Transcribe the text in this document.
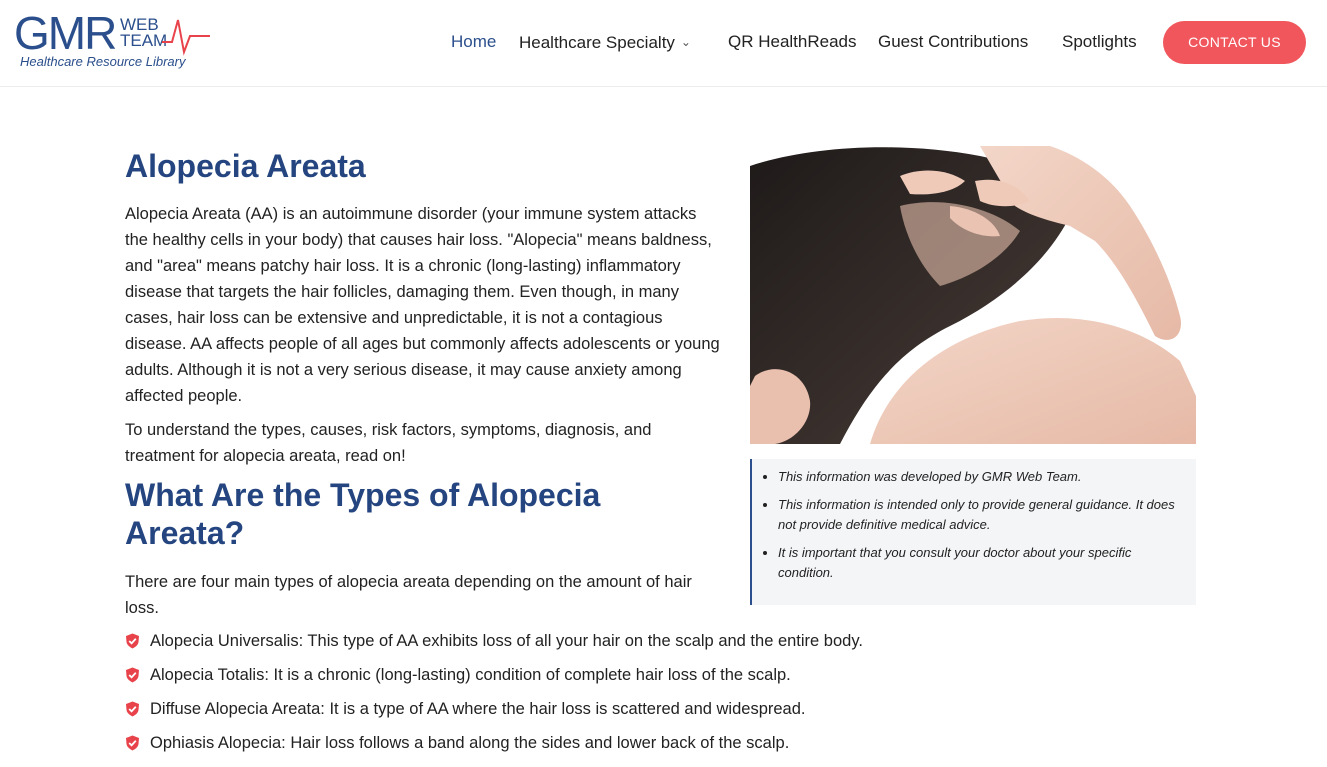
GMR WEB
TEAM
Healthcare Resource Library
Home Healthcare Specialty ⌄ QR HealthReads Guest Contributions Spotlights	CONTACT US
Alopecia Areata

Alopecia Areata (AA) is an autoimmune disorder (your immune system attacks the healthy cells in your body) that causes hair loss. "Alopecia" means baldness, and "area" means patchy hair loss. It is a chronic (long-lasting) inflammatory disease that targets the hair follicles, damaging them. Even though, in many cases, hair loss can be extensive and unpredictable, it is not a contagious disease. AA affects people of all ages but commonly affects adolescents or young adults. Although it is not a very serious disease, it may cause anxiety among affected people.

To understand the types, causes, risk factors, symptoms, diagnosis, and treatment for alopecia areata, read on!

What Are the Types of Alopecia Areata?

There are four main types of alopecia areata depending on the amount of hair loss.

Alopecia Universalis: This type of AA exhibits loss of all your hair on the scalp and the entire body.
Alopecia Totalis: It is a chronic (long-lasting) condition of complete hair loss of the scalp.
Diffuse Alopecia Areata: It is a type of AA where the hair loss is scattered and widespread.
Ophiasis Alopecia: Hair loss follows a band along the sides and lower back of the scalp.
• This information was developed by GMR Web Team.
• This information is intended only to provide general guidance. It does not provide definitive medical advice.
• It is important that you consult your doctor about your specific condition.
